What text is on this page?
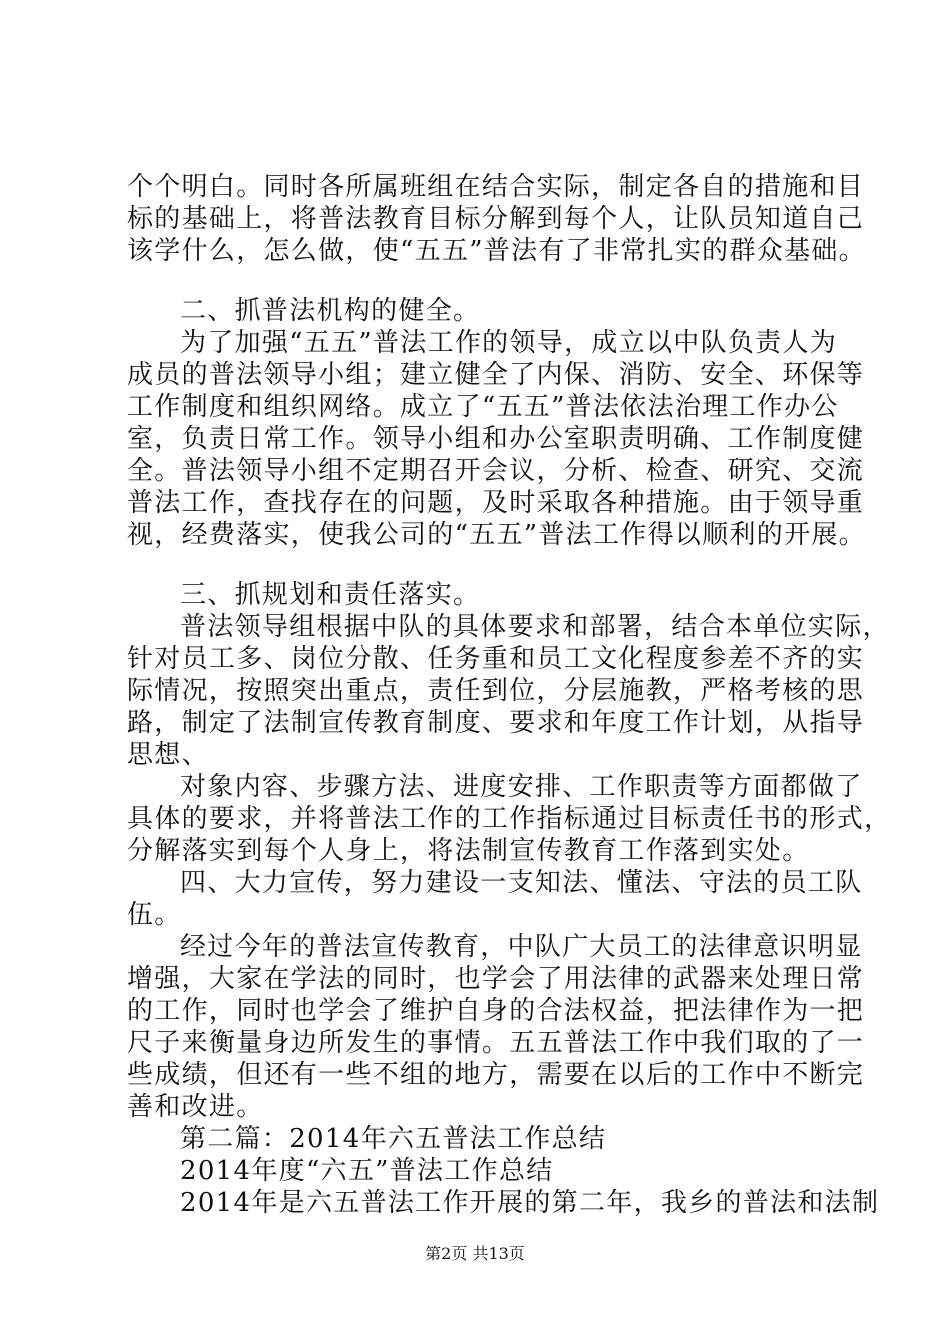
个个明白。同时各所属班组在结合实际，制定各自的措施和目
标的基础上，将普法教育目标分解到每个人，让队员知道自己
该学什么，怎么做，使“五五”普法有了非常扎实的群众基础。
二、抓普法机构的健全。
为了加强“五五”普法工作的领导，成立以中队负责人为
成员的普法领导小组；建立健全了内保、消防、安全、环保等
工作制度和组织网络。成立了“五五”普法依法治理工作办公
室，负责日常工作。领导小组和办公室职责明确、工作制度健
全。普法领导小组不定期召开会议，分析、检查、研究、交流
普法工作，查找存在的问题，及时采取各种措施。由于领导重
视，经费落实，使我公司的“五五”普法工作得以顺利的开展。
三、抓规划和责任落实。
普法领导组根据中队的具体要求和部署，结合本单位实际，
针对员工多、岗位分散、任务重和员工文化程度参差不齐的实
际情况，按照突出重点，责任到位，分层施教，严格考核的思
路，制定了法制宣传教育制度、要求和年度工作计划，从指导
思想、
对象内容、步骤方法、进度安排、工作职责等方面都做了
具体的要求，并将普法工作的工作指标通过目标责任书的形式，
分解落实到每个人身上，将法制宣传教育工作落到实处。
四、大力宣传，努力建设一支知法、懂法、守法的员工队
伍。
经过今年的普法宣传教育，中队广大员工的法律意识明显
增强，大家在学法的同时，也学会了用法律的武器来处理日常
的工作，同时也学会了维护自身的合法权益，把法律作为一把
尺子来衡量身边所发生的事情。五五普法工作中我们取的了一
些成绩，但还有一些不组的地方，需要在以后的工作中不断完
善和改进。
第二篇：2014年六五普法工作总结
2014年度“六五”普法工作总结
2014年是六五普法工作开展的第二年，我乡的普法和法制
第2页 共13页
